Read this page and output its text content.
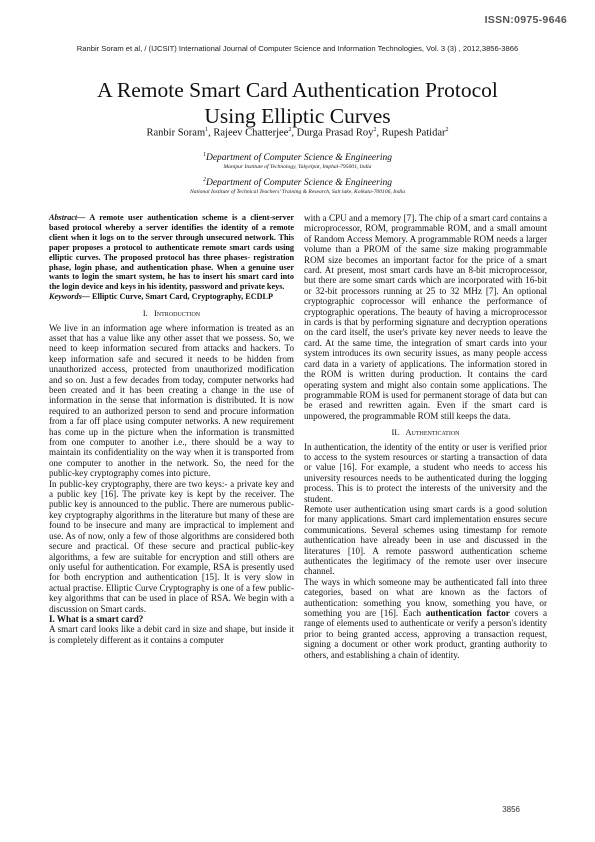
ISSN:0975-9646
Ranbir Soram et al, / (IJCSIT) International Journal of Computer Science and Information Technologies, Vol. 3 (3) , 2012,3856-3866
A Remote Smart Card Authentication Protocol
Using Elliptic Curves
Ranbir Soram$^1$, Rajeev Chatterjee$^2$, Durga Prasad Roy$^2$, Rupesh Patidar$^2$
$^1$Department of Computer Science & Engineering
Manipur Institute of Technology, Takyelpat, Imphal-795001, India
$^2$Department of Computer Science & Engineering
National Institute of Technical Teachers' Training & Research, Salt lake, Kolkata-700106, India

Abstract— A remote user authentication scheme is a client-server based protocol whereby a server identifies the identity of a remote client when it logs on to the server through unsecured network. This paper proposes a protocol to authenticate remote smart cards using elliptic curves. The proposed protocol has three phases- registration phase, login phase, and authentication phase. When a genuine user wants to login the smart system, he has to insert his smart card into the login device and keys in his identity, password and private keys.

Keywords— Elliptic Curve, Smart Card, Cryptography, ECDLP

I. Introduction

We live in an information age where information is treated as an asset that has a value like any other asset that we possess. So, we need to keep information secured from attacks and hackers. To keep information safe and secured it needs to be hidden from unauthorized access, protected from unauthorized modification and so on. Just a few decades from today, computer networks had been created and it has been creating a change in the use of information in the sense that information is distributed. It is now required to an authorized person to send and procure information from a far off place using computer networks. A new requirement has come up in the picture when the information is transmitted from one computer to another i.e., there should be a way to maintain its confidentiality on the way when it is transported from one computer to another in the network. So, the need for the public-key cryptography comes into picture.

In public-key cryptography, there are two keys:- a private key and a public key [16]. The private key is kept by the receiver. The public key is announced to the public. There are numerous public-key cryptography algorithms in the literature but many of these are found to be insecure and many are impractical to implement and use. As of now, only a few of those algorithms are considered both secure and practical. Of these secure and practical public-key algorithms, a few are suitable for encryption and still others are only useful for authentication. For example, RSA is presently used for both encryption and authentication [15]. It is very slow in actual practise. Elliptic Curve Cryptography is one of a few public-key algorithms that can be used in place of RSA. We begin with a discussion on Smart cards.

I. What is a smart card?

A smart card looks like a debit card in size and shape, but inside it is completely different as it contains a computer

with a CPU and a memory [7]. The chip of a smart card contains a microprocessor, ROM, programmable ROM, and a small amount of Random Access Memory. A programmable ROM needs a larger volume than a PROM of the same size making programmable ROM size becomes an important factor for the price of a smart card. At present, most smart cards have an 8-bit microprocessor, but there are some smart cards which are incorporated with 16-bit or 32-bit processors running at 25 to 32 MHz [7]. An optional cryptographic coprocessor will enhance the performance of cryptographic operations. The beauty of having a microprocessor in cards is that by performing signature and decryption operations on the card itself, the user's private key never needs to leave the card. At the same time, the integration of smart cards into your system introduces its own security issues, as many people access card data in a variety of applications. The information stored in the ROM is written during production. It contains the card operating system and might also contain some applications. The programmable ROM is used for permanent storage of data but can be erased and rewritten again. Even if the smart card is unpowered, the programmable ROM still keeps the data.

II. Authentication

In authentication, the identity of the entity or user is verified prior to access to the system resources or starting a transaction of data or value [16]. For example, a student who needs to access his university resources needs to be authenticated during the logging process. This is to protect the interests of the university and the student.

Remote user authentication using smart cards is a good solution for many applications. Smart card implementation ensures secure communications. Several schemes using timestamp for remote authentication have already been in use and discussed in the literatures [10]. A remote password authentication scheme authenticates the legitimacy of the remote user over insecure channel.

The ways in which someone may be authenticated fall into three categories, based on what are known as the factors of authentication: something you know, something you have, or something you are [16]. Each authentication factor covers a range of elements used to authenticate or verify a person's identity prior to being granted access, approving a transaction request, signing a document or other work product, granting authority to others, and establishing a chain of identity.

3856
